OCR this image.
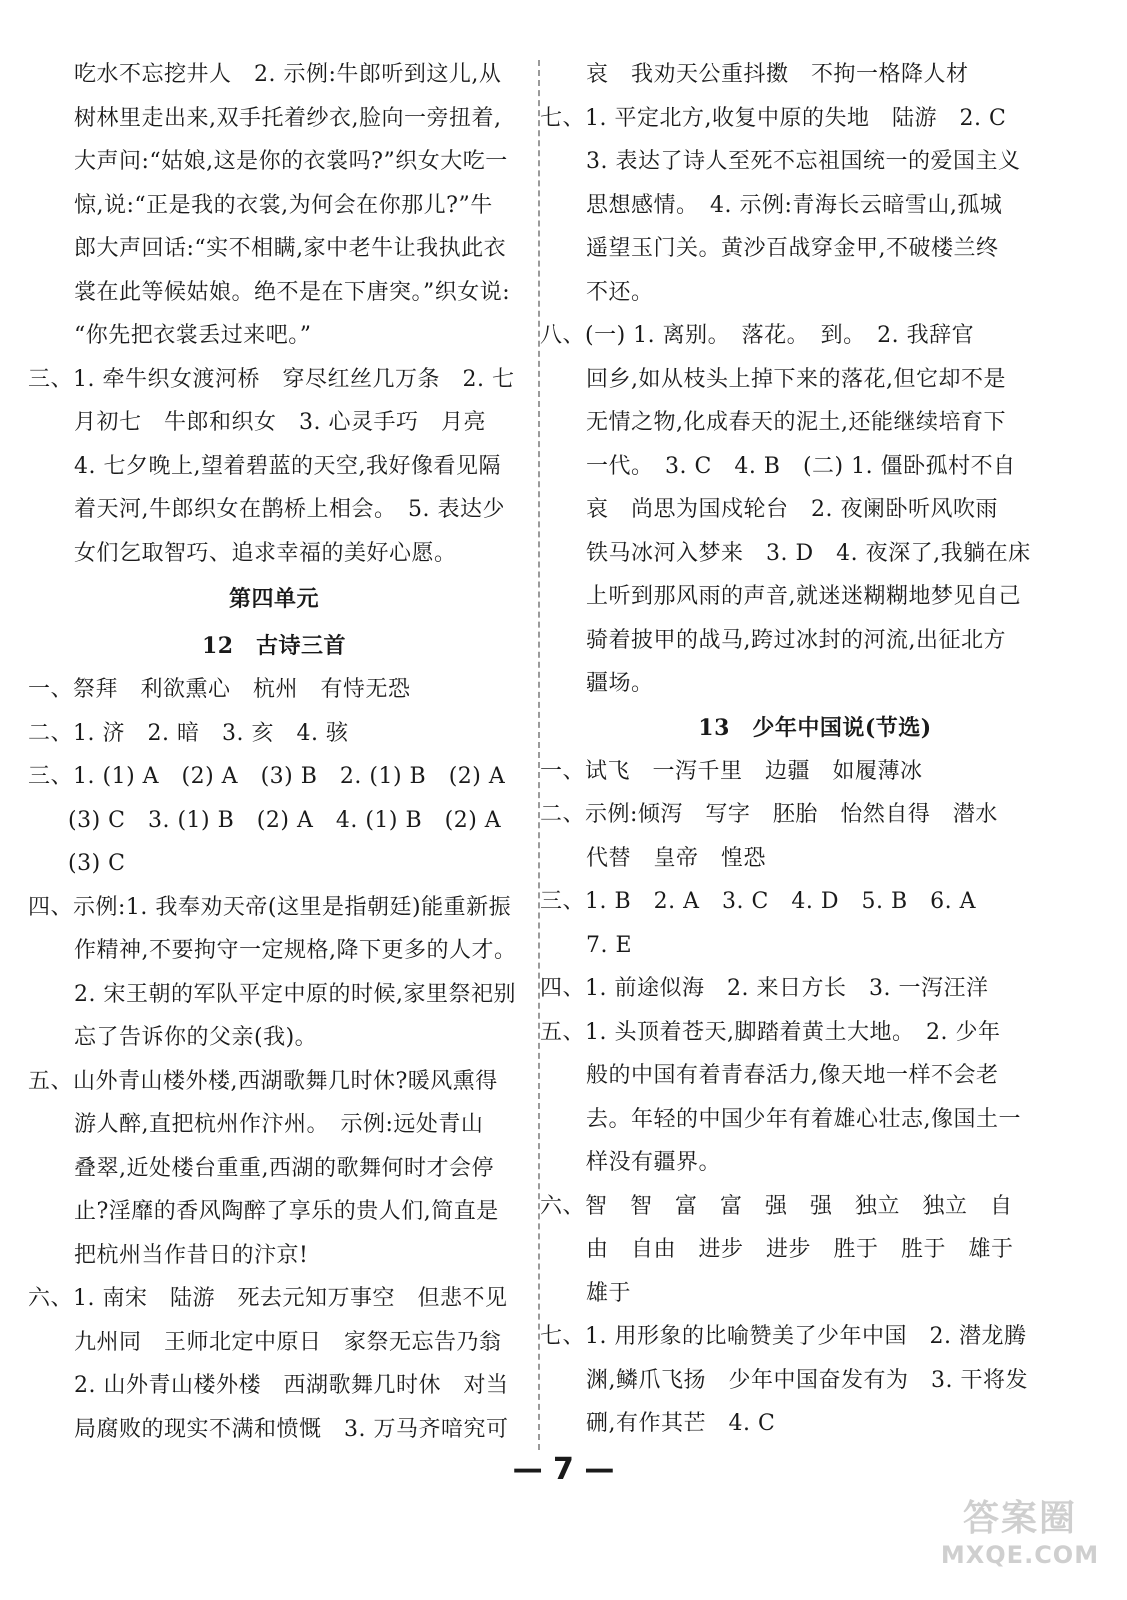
吃水不忘挖井人　2. 示例:牛郎听到这儿,从
树林里走出来,双手托着纱衣,脸向一旁扭着,
大声问:“姑娘,这是你的衣裳吗?”织女大吃一
惊,说:“正是我的衣裳,为何会在你那儿?”牛
郎大声回话:“实不相瞒,家中老牛让我执此衣
裳在此等候姑娘。绝不是在下唐突。”织女说:
“你先把衣裳丢过来吧。”
三、1. 牵牛织女渡河桥　穿尽红丝几万条　2. 七
月初七　牛郎和织女　3. 心灵手巧　月亮
4. 七夕晚上,望着碧蓝的天空,我好像看见隔
着天河,牛郎织女在鹊桥上相会。　5. 表达少
女们乞取智巧、追求幸福的美好心愿。
第四单元
12　古诗三首
一、祭拜　利欲熏心　杭州　有恃无恐
二、1. 济　2. 暗　3. 亥　4. 骇
三、1. (1) A　(2) A　(3) B　2. (1) B　(2) A
(3) C　3. (1) B　(2) A　4. (1) B　(2) A
(3) C
四、示例:1. 我奉劝天帝(这里是指朝廷)能重新振
作精神,不要拘守一定规格,降下更多的人才。
2. 宋王朝的军队平定中原的时候,家里祭祀别
忘了告诉你的父亲(我)。
五、山外青山楼外楼,西湖歌舞几时休?暖风熏得
游人醉,直把杭州作汴州。　示例:远处青山
叠翠,近处楼台重重,西湖的歌舞何时才会停
止?淫靡的香风陶醉了享乐的贵人们,简直是
把杭州当作昔日的汴京!
六、1. 南宋　陆游　死去元知万事空　但悲不见
九州同　王师北定中原日　家祭无忘告乃翁
2. 山外青山楼外楼　西湖歌舞几时休　对当
局腐败的现实不满和愤慨　3. 万马齐喑究可
哀　我劝天公重抖擞　不拘一格降人材
七、1. 平定北方,收复中原的失地　陆游　2. C
3. 表达了诗人至死不忘祖国统一的爱国主义
思想感情。　4. 示例:青海长云暗雪山,孤城
遥望玉门关。黄沙百战穿金甲,不破楼兰终
不还。
八、(一) 1. 离别。　落花。　到。　2. 我辞官
回乡,如从枝头上掉下来的落花,但它却不是
无情之物,化成春天的泥土,还能继续培育下
一代。　3. C　4. B　(二) 1. 僵卧孤村不自
哀　尚思为国戍轮台　2. 夜阑卧听风吹雨
铁马冰河入梦来　3. D　4. 夜深了,我躺在床
上听到那风雨的声音,就迷迷糊糊地梦见自己
骑着披甲的战马,跨过冰封的河流,出征北方
疆场。
13　少年中国说(节选)
一、试飞　一泻千里　边疆　如履薄冰
二、示例:倾泻　写字　胚胎　怡然自得　潜水
代替　皇帝　惶恐
三、1. B　2. A　3. C　4. D　5. B　6. A
7. E
四、1. 前途似海　2. 来日方长　3. 一泻汪洋
五、1. 头顶着苍天,脚踏着黄土大地。　2. 少年
般的中国有着青春活力,像天地一样不会老
去。年轻的中国少年有着雄心壮志,像国土一
样没有疆界。
六、智　智　富　富　强　强　独立　独立　自
由　自由　进步　进步　胜于　胜于　雄于
雄于
七、1. 用形象的比喻赞美了少年中国　2. 潜龙腾
渊,鳞爪飞扬　少年中国奋发有为　3. 干将发
硎,有作其芒　4. C
— 7 —
答案圈
MXQE.COM
